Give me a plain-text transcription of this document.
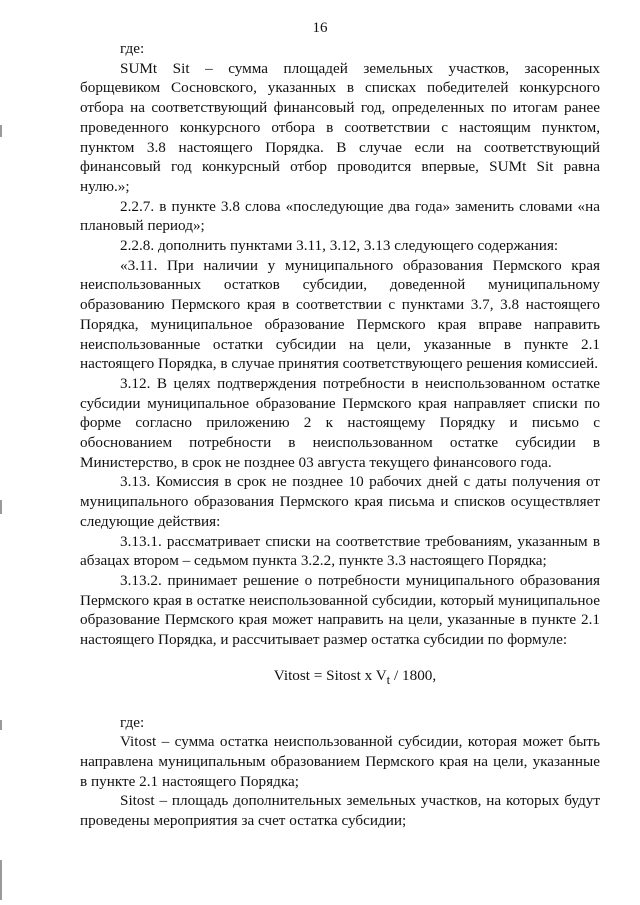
16

где:

SUMt Sit – сумма площадей земельных участков, засоренных борщевиком Сосновского, указанных в списках победителей конкурсного отбора на соответствующий финансовый год, определенных по итогам ранее проведенного конкурсного отбора в соответствии с настоящим пунктом, пунктом 3.8 настоящего Порядка. В случае если на соответствующий финансовый год конкурсный отбор проводится впервые, SUMt Sit равна нулю.»;

2.2.7. в пункте 3.8 слова «последующие два года» заменить словами «на плановый период»;

2.2.8. дополнить пунктами 3.11, 3.12, 3.13 следующего содержания:

«3.11. При наличии у муниципального образования Пермского края неиспользованных остатков субсидии, доведенной муниципальному образованию Пермского края в соответствии с пунктами 3.7, 3.8 настоящего Порядка, муниципальное образование Пермского края вправе направить неиспользованные остатки субсидии на цели, указанные в пункте 2.1 настоящего Порядка, в случае принятия соответствующего решения комиссией.

3.12. В целях подтверждения потребности в неиспользованном остатке субсидии муниципальное образование Пермского края направляет списки по форме согласно приложению 2 к настоящему Порядку и письмо с обоснованием потребности в неиспользованном остатке субсидии в Министерство, в срок не позднее 03 августа текущего финансового года.

3.13. Комиссия в срок не позднее 10 рабочих дней с даты получения от муниципального образования Пермского края письма и списков осуществляет следующие действия:

3.13.1. рассматривает списки на соответствие требованиям, указанным в абзацах втором – седьмом пункта 3.2.2, пункте 3.3 настоящего Порядка;

3.13.2. принимает решение о потребности муниципального образования Пермского края в остатке неиспользованной субсидии, который муниципальное образование Пермского края может направить на цели, указанные в пункте 2.1 настоящего Порядка, и рассчитывает размер остатка субсидии по формуле:

Vitost = Sitost x $V_t / 1800$,

где:

Vitost – сумма остатка неиспользованной субсидии, которая может быть направлена муниципальным образованием Пермского края на цели, указанные в пункте 2.1 настоящего Порядка;

Sitost – площадь дополнительных земельных участков, на которых будут проведены мероприятия за счет остатка субсидии;
